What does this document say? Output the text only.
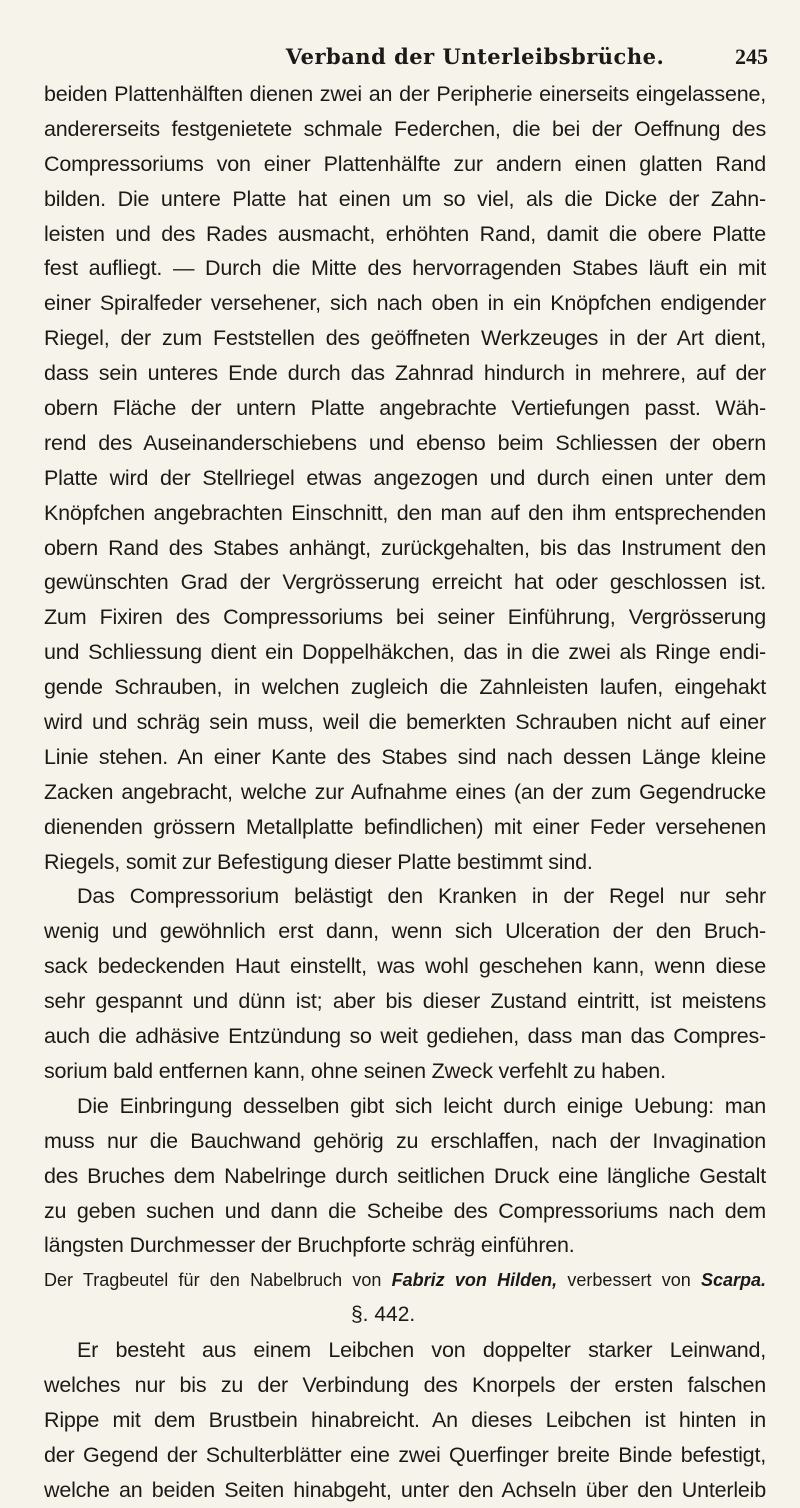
Verband der Unterleibsbrüche.	245
beiden Plattenhälften dienen zwei an der Peripherie einerseits eingelassene,
andererseits festgenietete schmale Federchen, die bei der Oeffnung des
Compressoriums von einer Plattenhälfte zur andern einen glatten Rand
bilden. Die untere Platte hat einen um so viel, als die Dicke der Zahn-
leisten und des Rades ausmacht, erhöhten Rand, damit die obere Platte
fest aufliegt. — Durch die Mitte des hervorragenden Stabes läuft ein mit
einer Spiralfeder versehener, sich nach oben in ein Knöpfchen endigender
Riegel, der zum Feststellen des geöffneten Werkzeuges in der Art dient,
dass sein unteres Ende durch das Zahnrad hindurch in mehrere, auf der
obern Fläche der untern Platte angebrachte Vertiefungen passt. Wäh-
rend des Auseinanderschiebens und ebenso beim Schliessen der obern
Platte wird der Stellriegel etwas angezogen und durch einen unter dem
Knöpfchen angebrachten Einschnitt, den man auf den ihm entsprechenden
obern Rand des Stabes anhängt, zurückgehalten, bis das Instrument den
gewünschten Grad der Vergrösserung erreicht hat oder geschlossen ist.
Zum Fixiren des Compressoriums bei seiner Einführung, Vergrösserung
und Schliessung dient ein Doppelhäkchen, das in die zwei als Ringe endi-
gende Schrauben, in welchen zugleich die Zahnleisten laufen, eingehakt
wird und schräg sein muss, weil die bemerkten Schrauben nicht auf einer
Linie stehen. An einer Kante des Stabes sind nach dessen Länge kleine
Zacken angebracht, welche zur Aufnahme eines (an der zum Gegendrucke
dienenden grössern Metallplatte befindlichen) mit einer Feder versehenen
Riegels, somit zur Befestigung dieser Platte bestimmt sind.
Das Compressorium belästigt den Kranken in der Regel nur sehr
wenig und gewöhnlich erst dann, wenn sich Ulceration der den Bruch-
sack bedeckenden Haut einstellt, was wohl geschehen kann, wenn diese
sehr gespannt und dünn ist; aber bis dieser Zustand eintritt, ist meistens
auch die adhäsive Entzündung so weit gediehen, dass man das Compres-
sorium bald entfernen kann, ohne seinen Zweck verfehlt zu haben.
Die Einbringung desselben gibt sich leicht durch einige Uebung: man
muss nur die Bauchwand gehörig zu erschlaffen, nach der Invagination
des Bruches dem Nabelringe durch seitlichen Druck eine längliche Gestalt
zu geben suchen und dann die Scheibe des Compressoriums nach dem
längsten Durchmesser der Bruchpforte schräg einführen.
Der Tragbeutel für den Nabelbruch von Fabriz von Hilden, verbessert von Scarpa.
§. 442.
Er besteht aus einem Leibchen von doppelter starker Leinwand,
welches nur bis zu der Verbindung des Knorpels der ersten falschen
Rippe mit dem Brustbein hinabreicht. An dieses Leibchen ist hinten in
der Gegend der Schulterblätter eine zwei Querfinger breite Binde befestigt,
welche an beiden Seiten hinabgeht, unter den Achseln über den Unterleib
